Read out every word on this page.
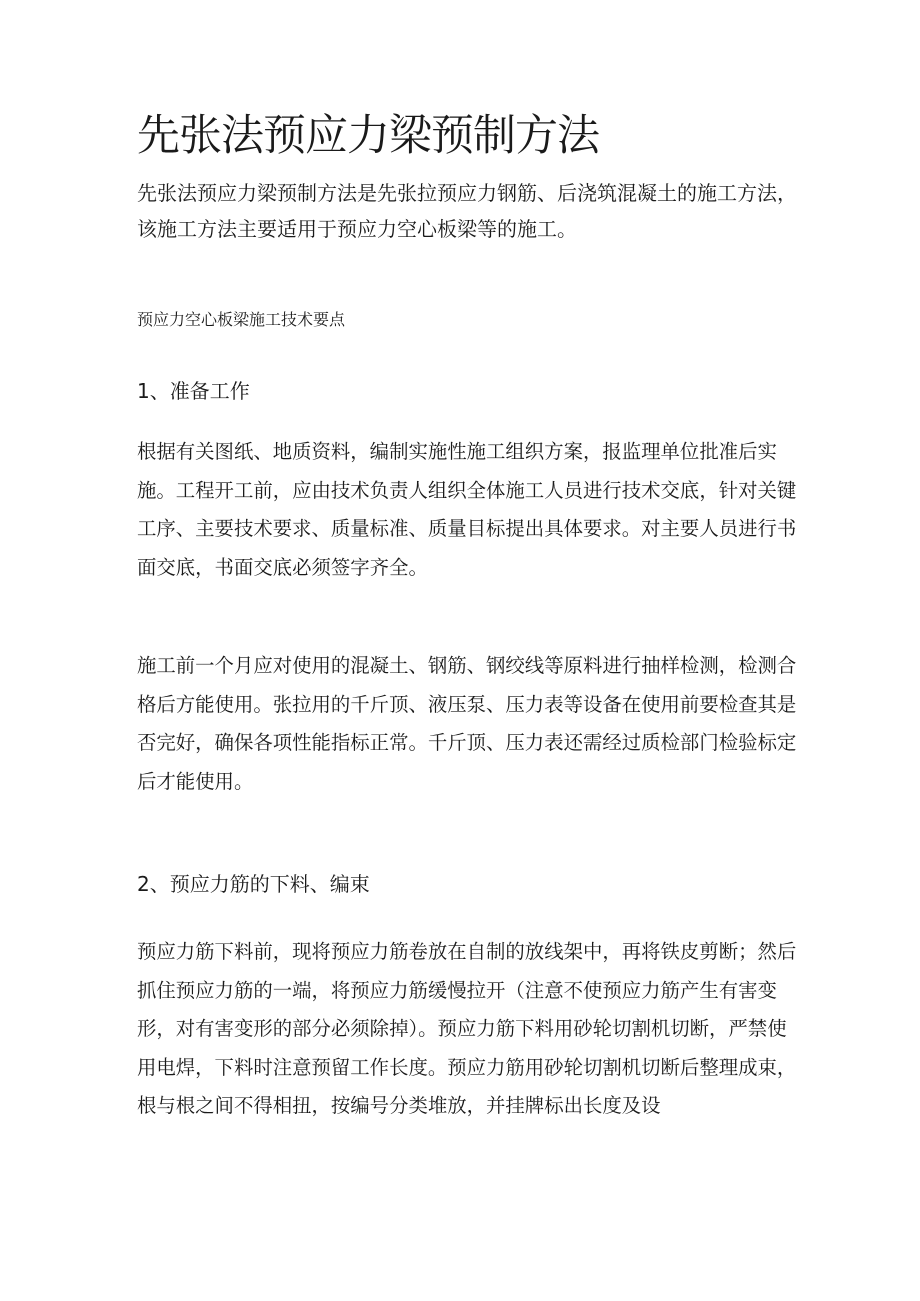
先张法预应力梁预制方法

先张法预应力梁预制方法是先张拉预应力钢筋、后浇筑混凝土的施工方法，该施工方法主要适用于预应力空心板梁等的施工。

预应力空心板梁施工技术要点

1、准备工作

根据有关图纸、地质资料，编制实施性施工组织方案，报监理单位批准后实施。工程开工前，应由技术负责人组织全体施工人员进行技术交底，针对关键工序、主要技术要求、质量标准、质量目标提出具体要求。对主要人员进行书面交底，书面交底必须签字齐全。

施工前一个月应对使用的混凝土、钢筋、钢绞线等原料进行抽样检测，检测合格后方能使用。张拉用的千斤顶、液压泵、压力表等设备在使用前要检查其是否完好，确保各项性能指标正常。千斤顶、压力表还需经过质检部门检验标定后才能使用。

2、预应力筋的下料、编束

预应力筋下料前，现将预应力筋卷放在自制的放线架中，再将铁皮剪断；然后抓住预应力筋的一端，将预应力筋缓慢拉开（注意不使预应力筋产生有害变形，对有害变形的部分必须除掉）。预应力筋下料用砂轮切割机切断，严禁使用电焊，下料时注意预留工作长度。预应力筋用砂轮切割机切断后整理成束，根与根之间不得相扭，按编号分类堆放，并挂牌标出长度及设
